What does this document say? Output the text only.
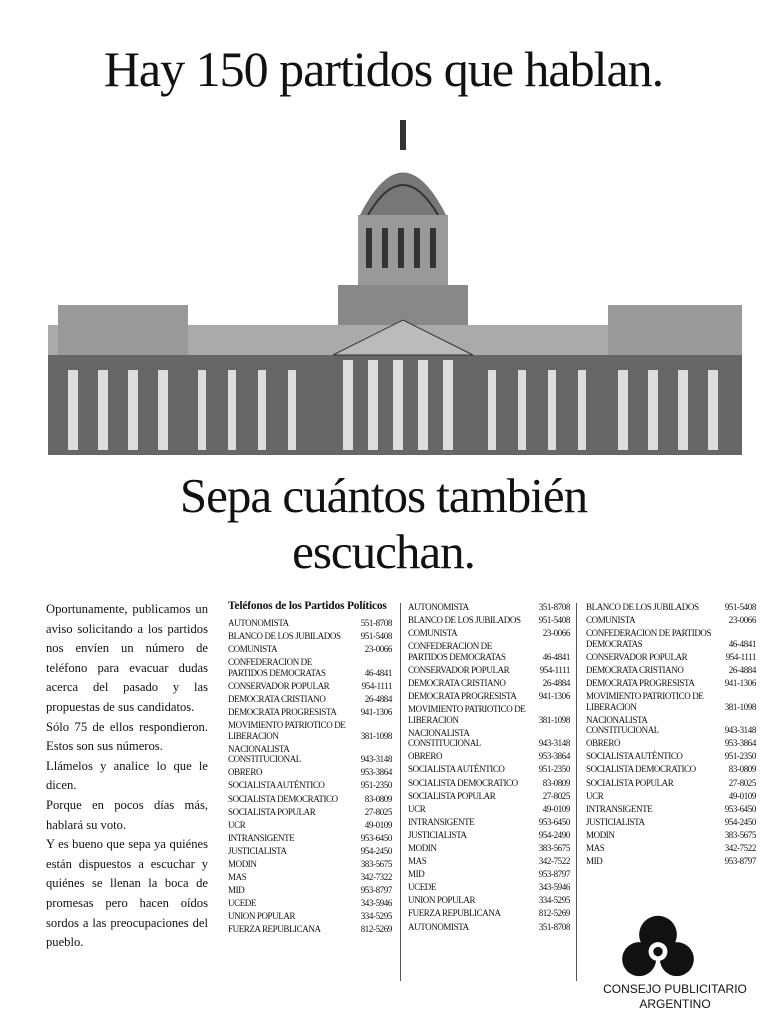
Hay 150 partidos que hablan.
Sepa cuántos también
escuchan.

Oportunamente, publicamos un aviso solicitando a los partidos nos envíen un número de teléfono para evacuar dudas acerca del pasado y las propuestas de sus candidatos.

Sólo 75 de ellos respondieron. Estos son sus números.

Llámelos y analice lo que le dicen.

Porque en pocos días más, hablará su voto.

Y es bueno que sepa ya quiénes están dispuestos a escuchar y quiénes se llenan la boca de promesas pero hacen oídos sordos a las preocupaciones del pueblo.

Teléfonos de los Partidos Políticos
AUTONOMISTA	551-8708
BLANCO DE LOS JUBILADOS	951-5408
COMUNISTA	23-0066
CONFEDERACION DE PARTIDOS DEMOCRATAS	46-4841
CONSERVADOR POPULAR	954-1111
DEMOCRATA CRISTIANO	26-4884
DEMOCRATA PROGRESISTA	941-1306
MOVIMIENTO PATRIOTICO DE LIBERACION	381-1098
NACIONALISTA CONSTITUCIONAL	943-3148
OBRERO	953-3864
SOCIALISTA AUTÉNTICO	951-2350
SOCIALISTA DEMOCRATICO	83-0809
SOCIALISTA POPULAR	27-8025
UCR	49-0109
INTRANSIGENTE	953-6450
JUSTICIALISTA	954-2450
MODIN	383-5675
MAS	342-7322
MID	953-8797
UCEDE	343-5946
UNION POPULAR	334-5295
FUERZA REPUBLICANA	812-5269
AUTONOMISTA	351-8708
BLANCO DE LOS JUBILADOS	951-5408
COMUNISTA	23-0066
CONFEDERACION DE PARTIDOS DEMOCRATAS	46-4841
CONSERVADOR POPULAR	954-1111
DEMOCRATA CRISTIANO	26-4884
DEMOCRATA PROGRESISTA	941-1306
MOVIMIENTO PATRIOTICO DE LIBERACION	381-1098
NACIONALISTA CONSTITUCIONAL	943-3148
OBRERO	953-3864
SOCIALISTA AUTÉNTICO	951-2350
SOCIALISTA DEMOCRATICO	83-0809
SOCIALISTA POPULAR	27-8025
UCR	49-0109
INTRANSIGENTE	953-6450
JUSTICIALISTA	954-2490
MODIN	383-5675
MAS	342-7522
MID	953-8797
UCEDE	343-5946
UNION POPULAR	334-5295
FUERZA REPUBLICANA	812-5269
AUTONOMISTA	351-8708
BLANCO DE LOS JUBILADOS	951-5408
COMUNISTA	23-0066
CONFEDERACION DE PARTIDOS DEMOCRATAS	46-4841
CONSERVADOR POPULAR	954-1111
DEMOCRATA CRISTIANO	26-4884
DEMOCRATA PROGRESISTA	941-1306
MOVIMIENTO PATRIOTICO DE LIBERACION	381-1098
NACIONALISTA CONSTITUCIONAL	943-3148
OBRERO	953-3864
SOCIALISTA AUTÉNTICO	951-2350
SOCIALISTA DEMOCRATICO	83-0809
SOCIALISTA POPULAR	27-8025
UCR	49-0109
INTRANSIGENTE	953-6450
JUSTICIALISTA	954-2450
MODIN	383-5675
MAS	342-7522
MID	953-8797
CONSEJO PUBLICITARIO
ARGENTINO
